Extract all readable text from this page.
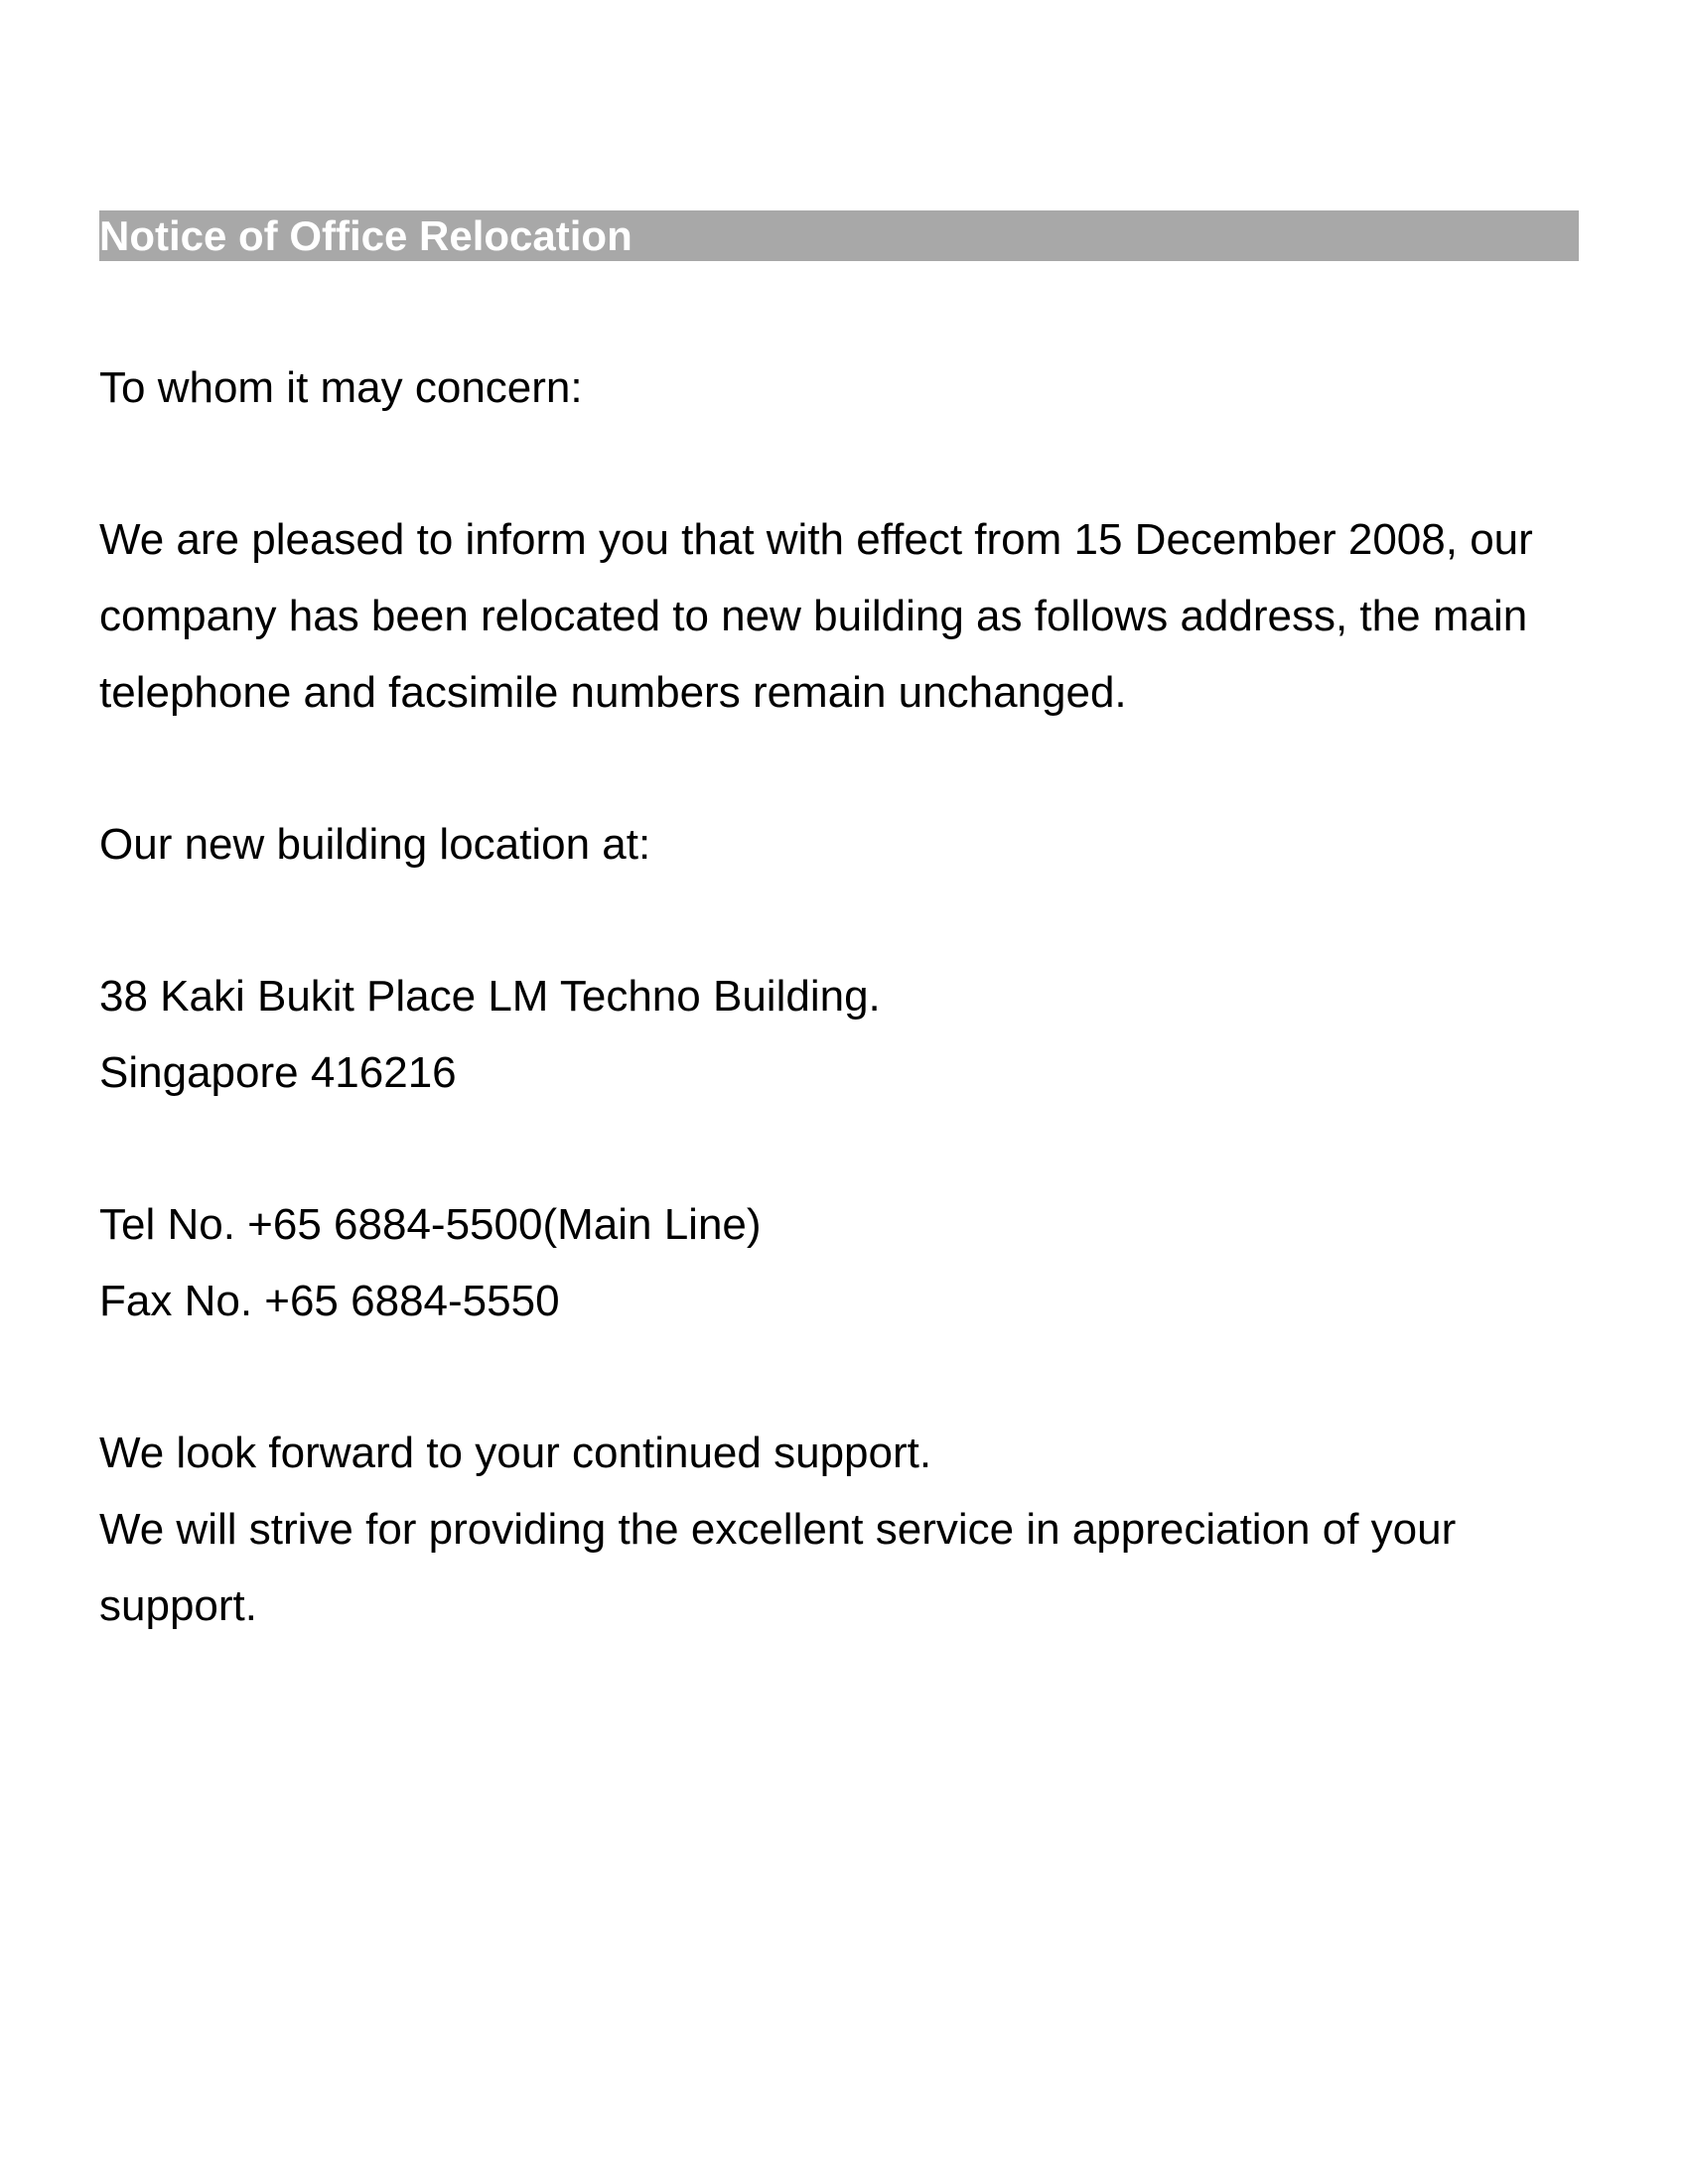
Notice of Office Relocation

To whom it may concern:

We are pleased to inform you that with effect from 15 December 2008, our
company has been relocated to new building as follows address, the main
telephone and facsimile numbers remain unchanged.

Our new building location at:

38 Kaki Bukit Place LM Techno Building.
Singapore 416216

Tel No. +65 6884-5500(Main Line)
Fax No. +65 6884-5550

We look forward to your continued support.
We will strive for providing the excellent service in appreciation of your
support.
